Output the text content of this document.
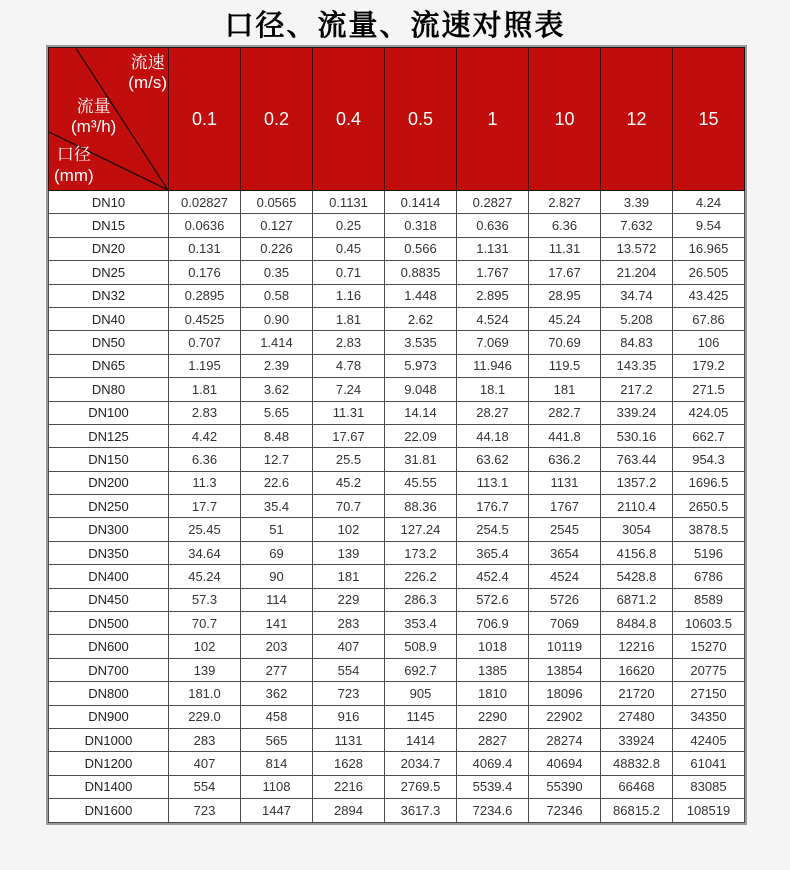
口径、流量、流速对照表
流速
(m/s)
流量
(m³/h)
口径
(mm)
	0.1	0.2	0.4	0.5	1	10	12	15
DN10	0.02827	0.0565	0.1131	0.1414	0.2827	2.827	3.39	4.24
DN15	0.0636	0.127	0.25	0.318	0.636	6.36	7.632	9.54
DN20	0.131	0.226	0.45	0.566	1.131	11.31	13.572	16.965
DN25	0.176	0.35	0.71	0.8835	1.767	17.67	21.204	26.505
DN32	0.2895	0.58	1.16	1.448	2.895	28.95	34.74	43.425
DN40	0.4525	0.90	1.81	2.62	4.524	45.24	5.208	67.86
DN50	0.707	1.414	2.83	3.535	7.069	70.69	84.83	106
DN65	1.195	2.39	4.78	5.973	11.946	119.5	143.35	179.2
DN80	1.81	3.62	7.24	9.048	18.1	181	217.2	271.5
DN100	2.83	5.65	11.31	14.14	28.27	282.7	339.24	424.05
DN125	4.42	8.48	17.67	22.09	44.18	441.8	530.16	662.7
DN150	6.36	12.7	25.5	31.81	63.62	636.2	763.44	954.3
DN200	11.3	22.6	45.2	45.55	113.1	1131	1357.2	1696.5
DN250	17.7	35.4	70.7	88.36	176.7	1767	2110.4	2650.5
DN300	25.45	51	102	127.24	254.5	2545	3054	3878.5
DN350	34.64	69	139	173.2	365.4	3654	4156.8	5196
DN400	45.24	90	181	226.2	452.4	4524	5428.8	6786
DN450	57.3	114	229	286.3	572.6	5726	6871.2	8589
DN500	70.7	141	283	353.4	706.9	7069	8484.8	10603.5
DN600	102	203	407	508.9	1018	10119	12216	15270
DN700	139	277	554	692.7	1385	13854	16620	20775
DN800	181.0	362	723	905	1810	18096	21720	27150
DN900	229.0	458	916	1145	2290	22902	27480	34350
DN1000	283	565	1131	1414	2827	28274	33924	42405
DN1200	407	814	1628	2034.7	4069.4	40694	48832.8	61041
DN1400	554	1108	2216	2769.5	5539.4	55390	66468	83085
DN1600	723	1447	2894	3617.3	7234.6	72346	86815.2	108519
